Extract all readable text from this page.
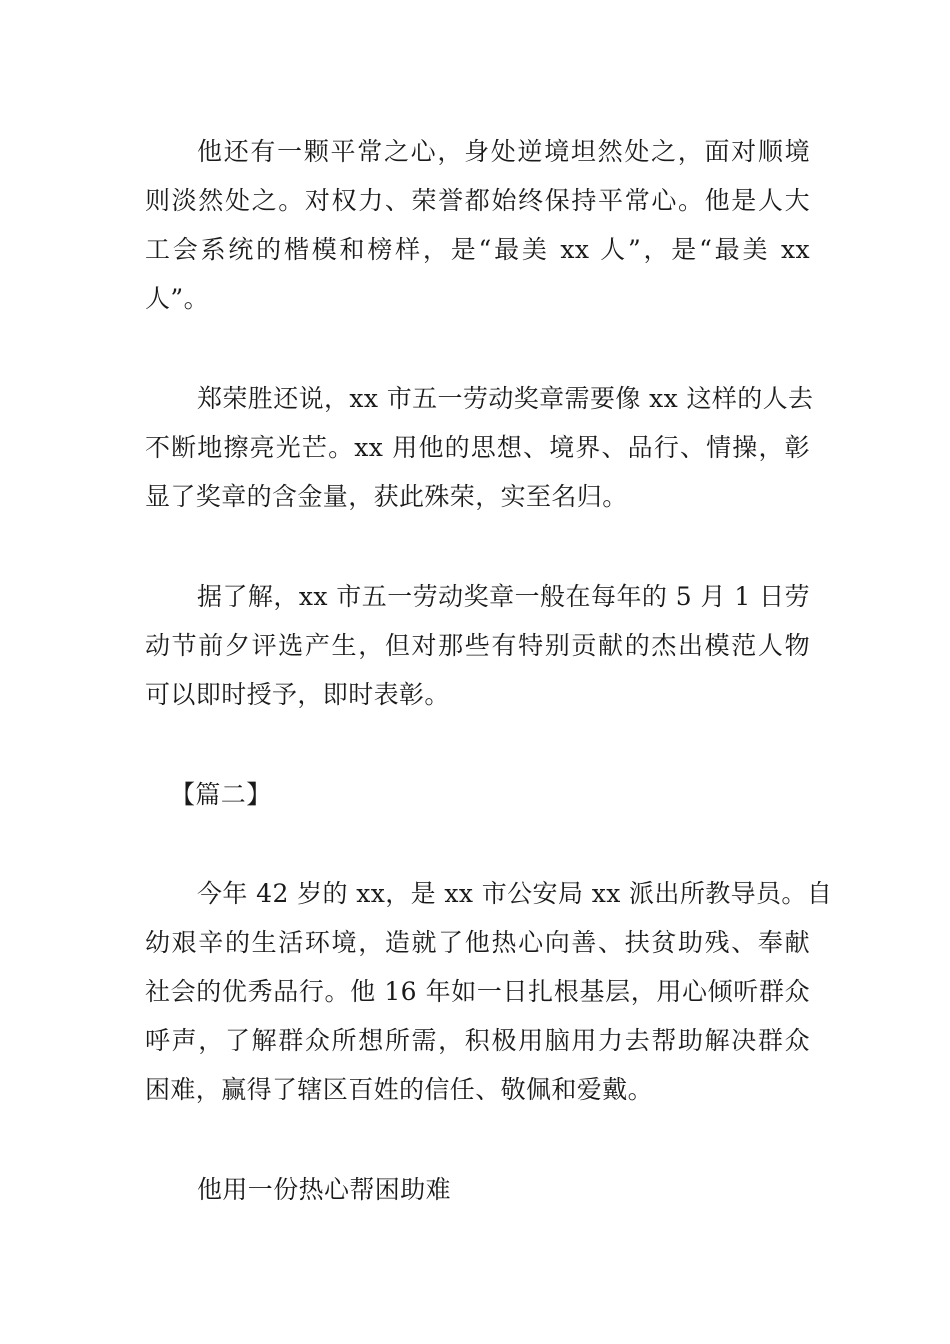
他还有一颗平常之心，身处逆境坦然处之，面对顺境
则淡然处之。对权力、荣誉都始终保持平常心。他是人大
工会系统的楷模和榜样，是“最美 xx 人”，是“最美 xx
人”。
郑荣胜还说，xx 市五一劳动奖章需要像 xx 这样的人去
不断地擦亮光芒。xx 用他的思想、境界、品行、情操，彰
显了奖章的含金量，获此殊荣，实至名归。
据了解，xx 市五一劳动奖章一般在每年的 5 月 1 日劳
动节前夕评选产生，但对那些有特别贡献的杰出模范人物
可以即时授予，即时表彰。
【篇二】
今年 42 岁的 xx，是 xx 市公安局 xx 派出所教导员。自
幼艰辛的生活环境，造就了他热心向善、扶贫助残、奉献
社会的优秀品行。他 16 年如一日扎根基层，用心倾听群众
呼声，了解群众所想所需，积极用脑用力去帮助解决群众
困难，赢得了辖区百姓的信任、敬佩和爱戴。
他用一份热心帮困助难
